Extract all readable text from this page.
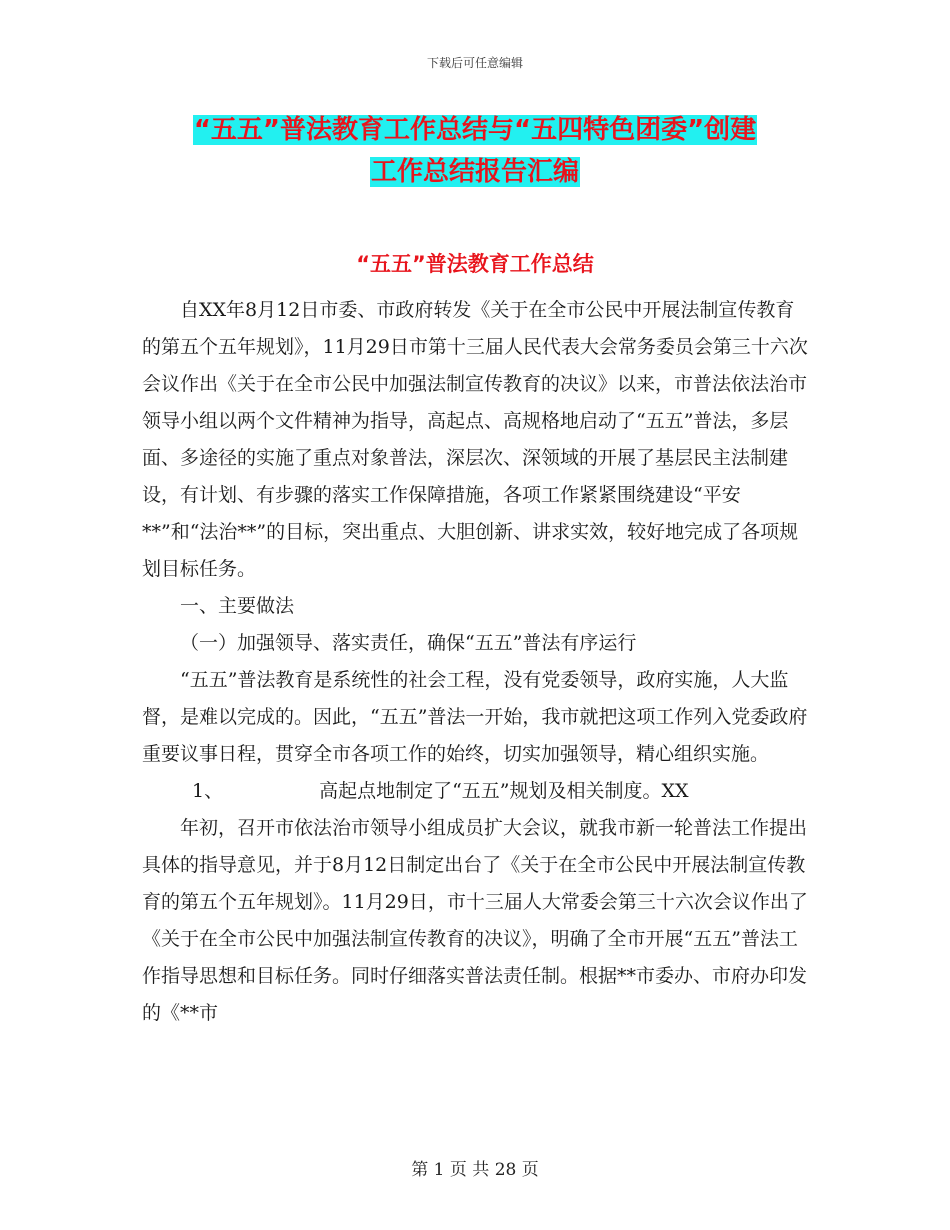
下载后可任意编辑
“五五”普法教育工作总结与“五四特色团委”创建
工作总结报告汇编
“五五”普法教育工作总结

自XX年8月12日市委、市政府转发《关于在全市公民中开展法制宣传教育的第五个五年规划》，11月29日市第十三届人民代表大会常务委员会第三十六次会议作出《关于在全市公民中加强法制宣传教育的决议》以来，市普法依法治市领导小组以两个文件精神为指导，高起点、高规格地启动了“五五”普法，多层面、多途径的实施了重点对象普法，深层次、深领域的开展了基层民主法制建设，有计划、有步骤的落实工作保障措施，各项工作紧紧围绕建设“平安**”和“法治**”的目标，突出重点、大胆创新、讲求实效，较好地完成了各项规划目标任务。

一、主要做法

（一）加强领导、落实责任，确保“五五”普法有序运行

“五五”普法教育是系统性的社会工程，没有党委领导，政府实施，人大监督，是难以完成的。因此，“五五”普法一开始，我市就把这项工作列入党委政府重要议事日程，贯穿全市各项工作的始终，切实加强领导，精心组织实施。

1、	高起点地制定了“五五”规划及相关制度。XX

年初，召开市依法治市领导小组成员扩大会议，就我市新一轮普法工作提出具体的指导意见，并于8月12日制定出台了《关于在全市公民中开展法制宣传教育的第五个五年规划》。11月29日，市十三届人大常委会第三十六次会议作出了《关于在全市公民中加强法制宣传教育的决议》，明确了全市开展“五五”普法工作指导思想和目标任务。同时仔细落实普法责任制。根据**市委办、市府办印发的《**市

第 1 页 共 28 页
